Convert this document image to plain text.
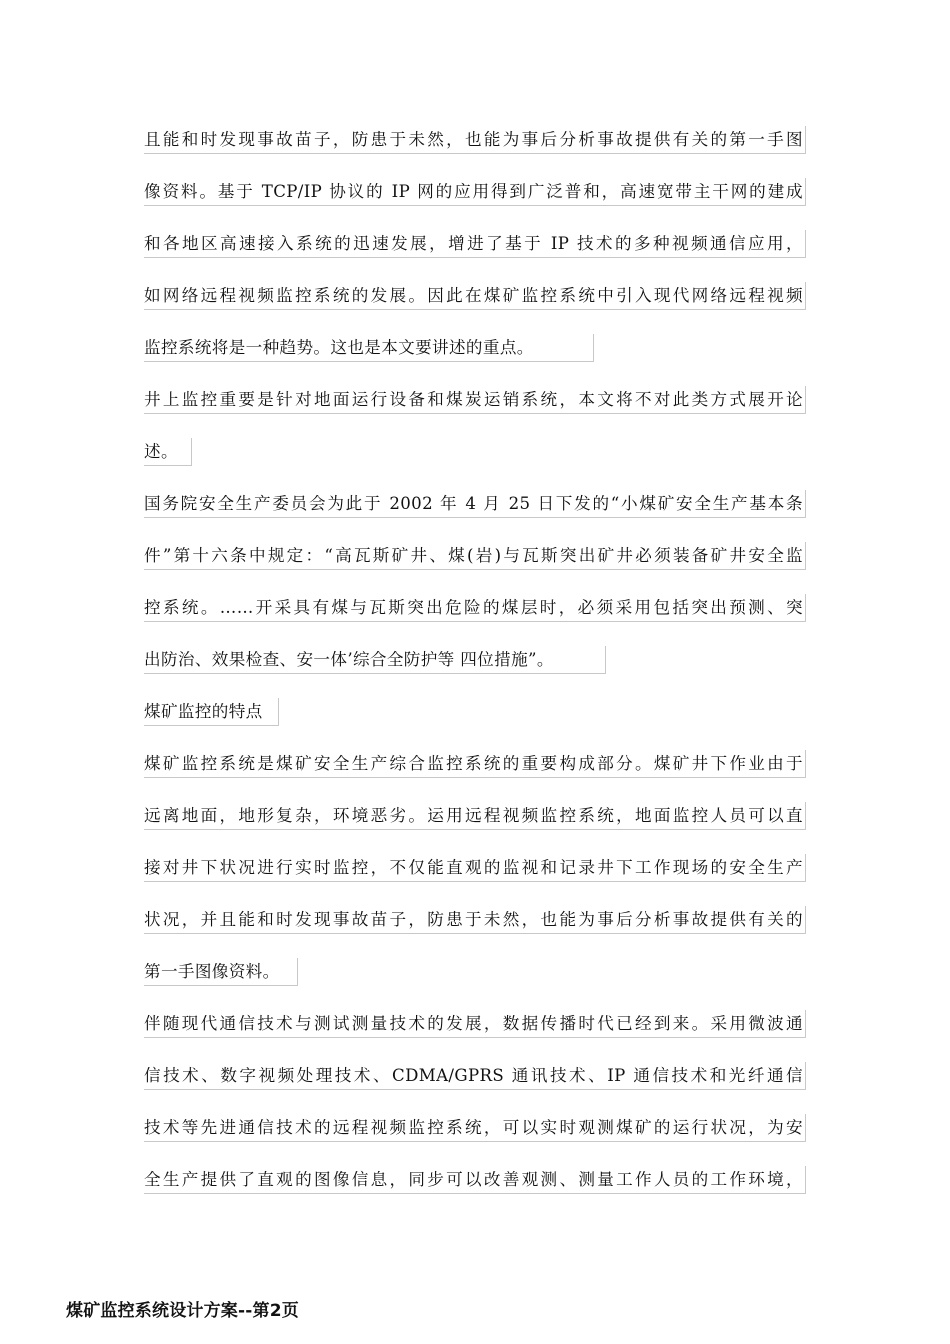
且能和时发现事故苗子，防患于未然，也能为事后分析事故提供有关的第一手图
像资料。基于 TCP/IP 协议的 IP 网的应用得到广泛普和，高速宽带主干网的建成
和各地区高速接入系统的迅速发展，增进了基于 IP 技术的多种视频通信应用，
如网络远程视频监控系统的发展。因此在煤矿监控系统中引入现代网络远程视频
监控系统将是一种趋势。这也是本文要讲述的重点。
井上监控重要是针对地面运行设备和煤炭运销系统，本文将不对此类方式展开论
述。
国务院安全生产委员会为此于 2002 年 4 月 25 日下发的“小煤矿安全生产基本条
件”第十六条中规定：“高瓦斯矿井、煤(岩)与瓦斯突出矿井必须装备矿井安全监
控系统。……开采具有煤与瓦斯突出危险的煤层时，必须采用包括突出预测、突
出防治、效果检查、安一体’综合全防护等 四位措施”。
煤矿监控的特点
煤矿监控系统是煤矿安全生产综合监控系统的重要构成部分。煤矿井下作业由于
远离地面，地形复杂，环境恶劣。运用远程视频监控系统，地面监控人员可以直
接对井下状况进行实时监控，不仅能直观的监视和记录井下工作现场的安全生产
状况，并且能和时发现事故苗子，防患于未然，也能为事后分析事故提供有关的
第一手图像资料。
伴随现代通信技术与测试测量技术的发展，数据传播时代已经到来。采用微波通
信技术、数字视频处理技术、CDMA/GPRS 通讯技术、IP 通信技术和光纤通信
技术等先进通信技术的远程视频监控系统，可以实时观测煤矿的运行状况，为安
全生产提供了直观的图像信息，同步可以改善观测、测量工作人员的工作环境，
煤矿监控系统设计方案--第2页
